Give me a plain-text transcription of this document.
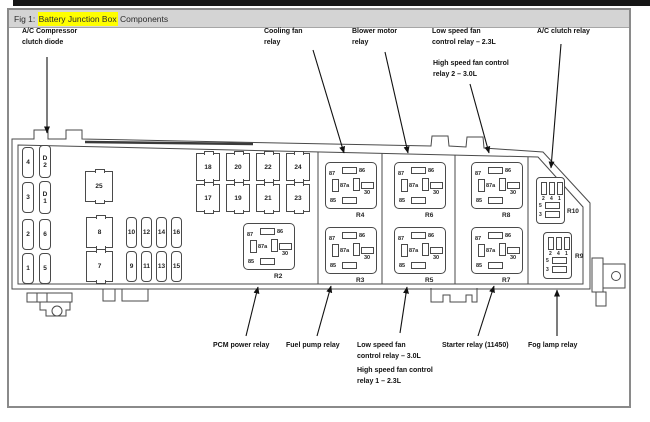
Fig 1: Battery Junction Box Components
4
3
2
1
D
2
D
1
6
5
25
8
7
10 12 14 16
9	11	13 15
18	20	22	24
17	19	21	23
87	86
87a
30
85
R2
87	86
87a
30
85
R4
87	86
87a
30
85
R3
87	86
87a
30
85
R6
87	86
87a
30
85
R5
87	86
87a
30
85
R8
87	86
87a
30
85
R7
2 4 1
5
3	R10
2 4 1
5
3
R9
A/C Compressor
clutch diode
Cooling fan
relay
Blower motor
relay
Low speed fan
control relay – 2.3L
High speed fan control
relay 2 – 3.0L
A/C clutch relay
PCM power relay Fuel pump relay Low speed fan
control relay – 3.0L
High speed fan control
relay 1 – 2.3L
Starter relay (11450)	Fog lamp relay
